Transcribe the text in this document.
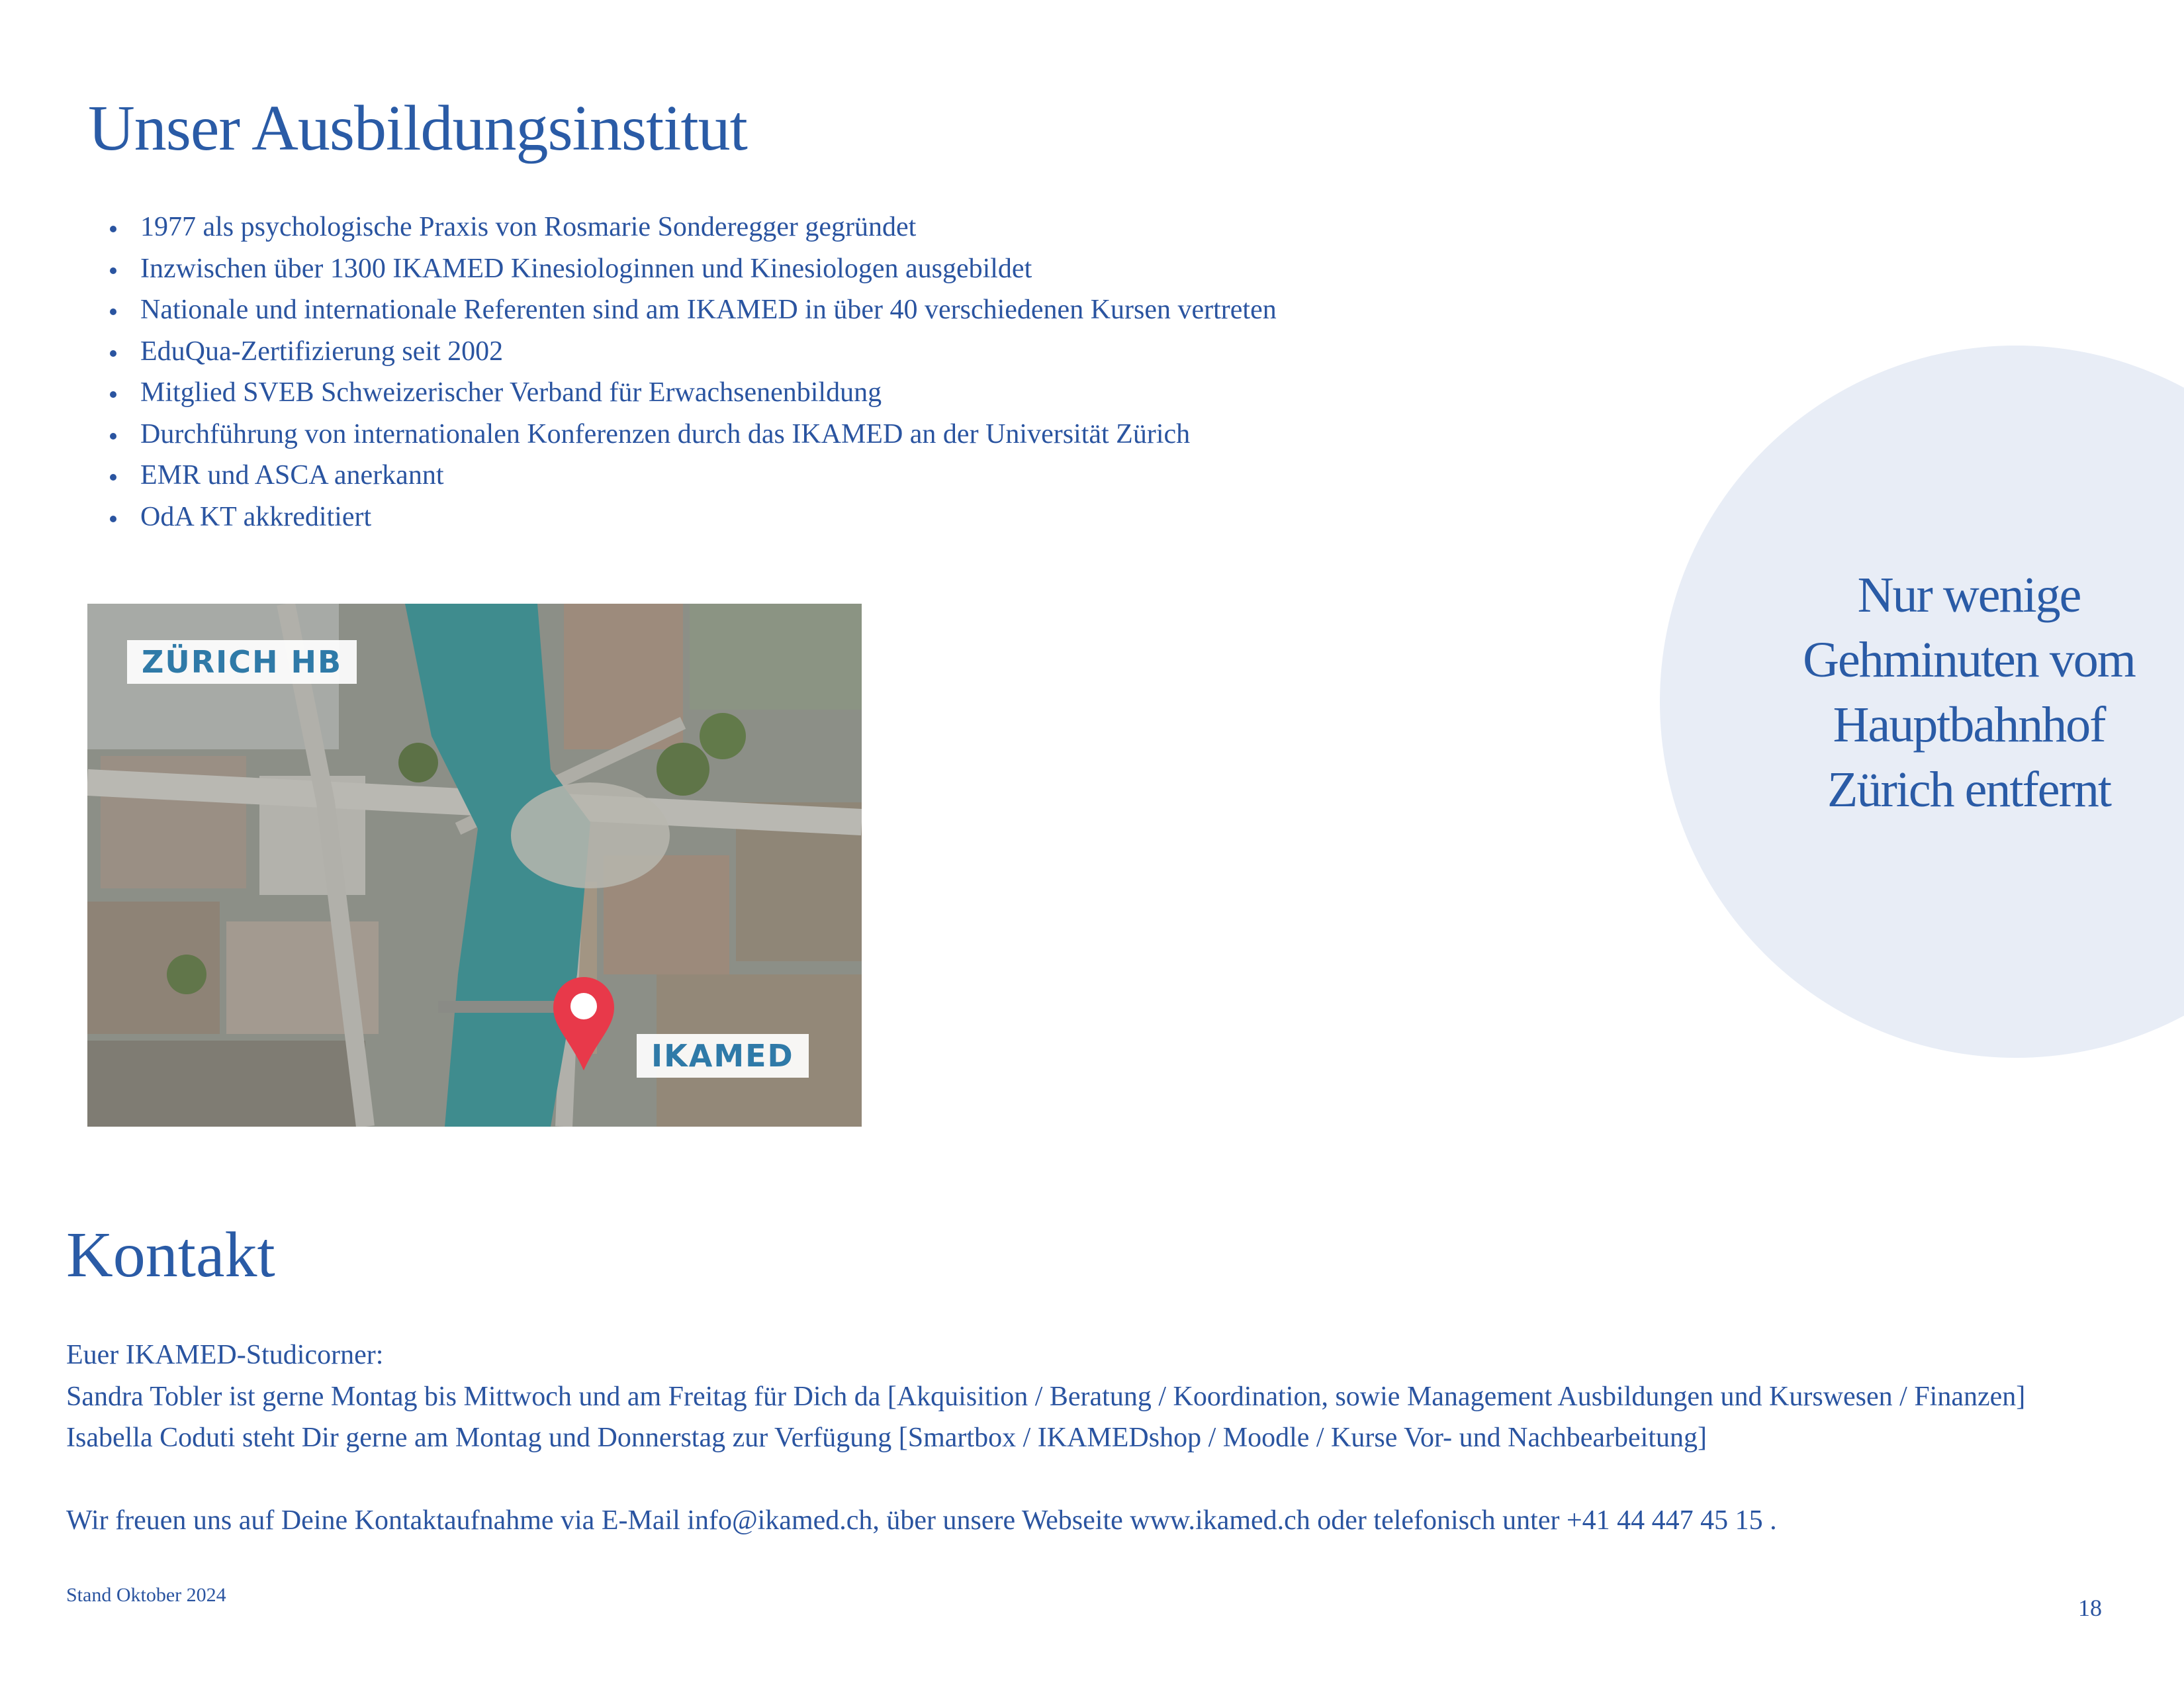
Unser Ausbildungsinstitut
1977 als psychologische Praxis von Rosmarie Sonderegger gegründet
Inzwischen über 1300 IKAMED Kinesiologinnen und Kinesiologen ausgebildet
Nationale und internationale Referenten sind am IKAMED in über 40 verschiedenen Kursen vertreten
EduQua-Zertifizierung seit 2002
Mitglied SVEB Schweizerischer Verband für Erwachsenenbildung
Durchführung von internationalen Konferenzen durch das IKAMED an der Universität Zürich
EMR und ASCA anerkannt
OdA KT akkreditiert
Nur wenige
Gehminuten vom
Hauptbahnhof
Zürich entfernt
ZÜRICH HB
IKAMED
Kontakt
Euer IKAMED-Studicorner:
Sandra Tobler ist gerne Montag bis Mittwoch und am Freitag für Dich da [Akquisition / Beratung / Koordination, sowie Management Ausbildungen und Kurswesen / Finanzen]
Isabella Coduti steht Dir gerne am Montag und Donnerstag zur Verfügung [Smartbox / IKAMEDshop / Moodle / Kurse Vor- und Nachbearbeitung]
Wir freuen uns auf Deine Kontaktaufnahme via E-Mail info@ikamed.ch, über unsere Webseite www.ikamed.ch oder telefonisch unter +41 44 447 45 15 .
Stand Oktober 2024	18
